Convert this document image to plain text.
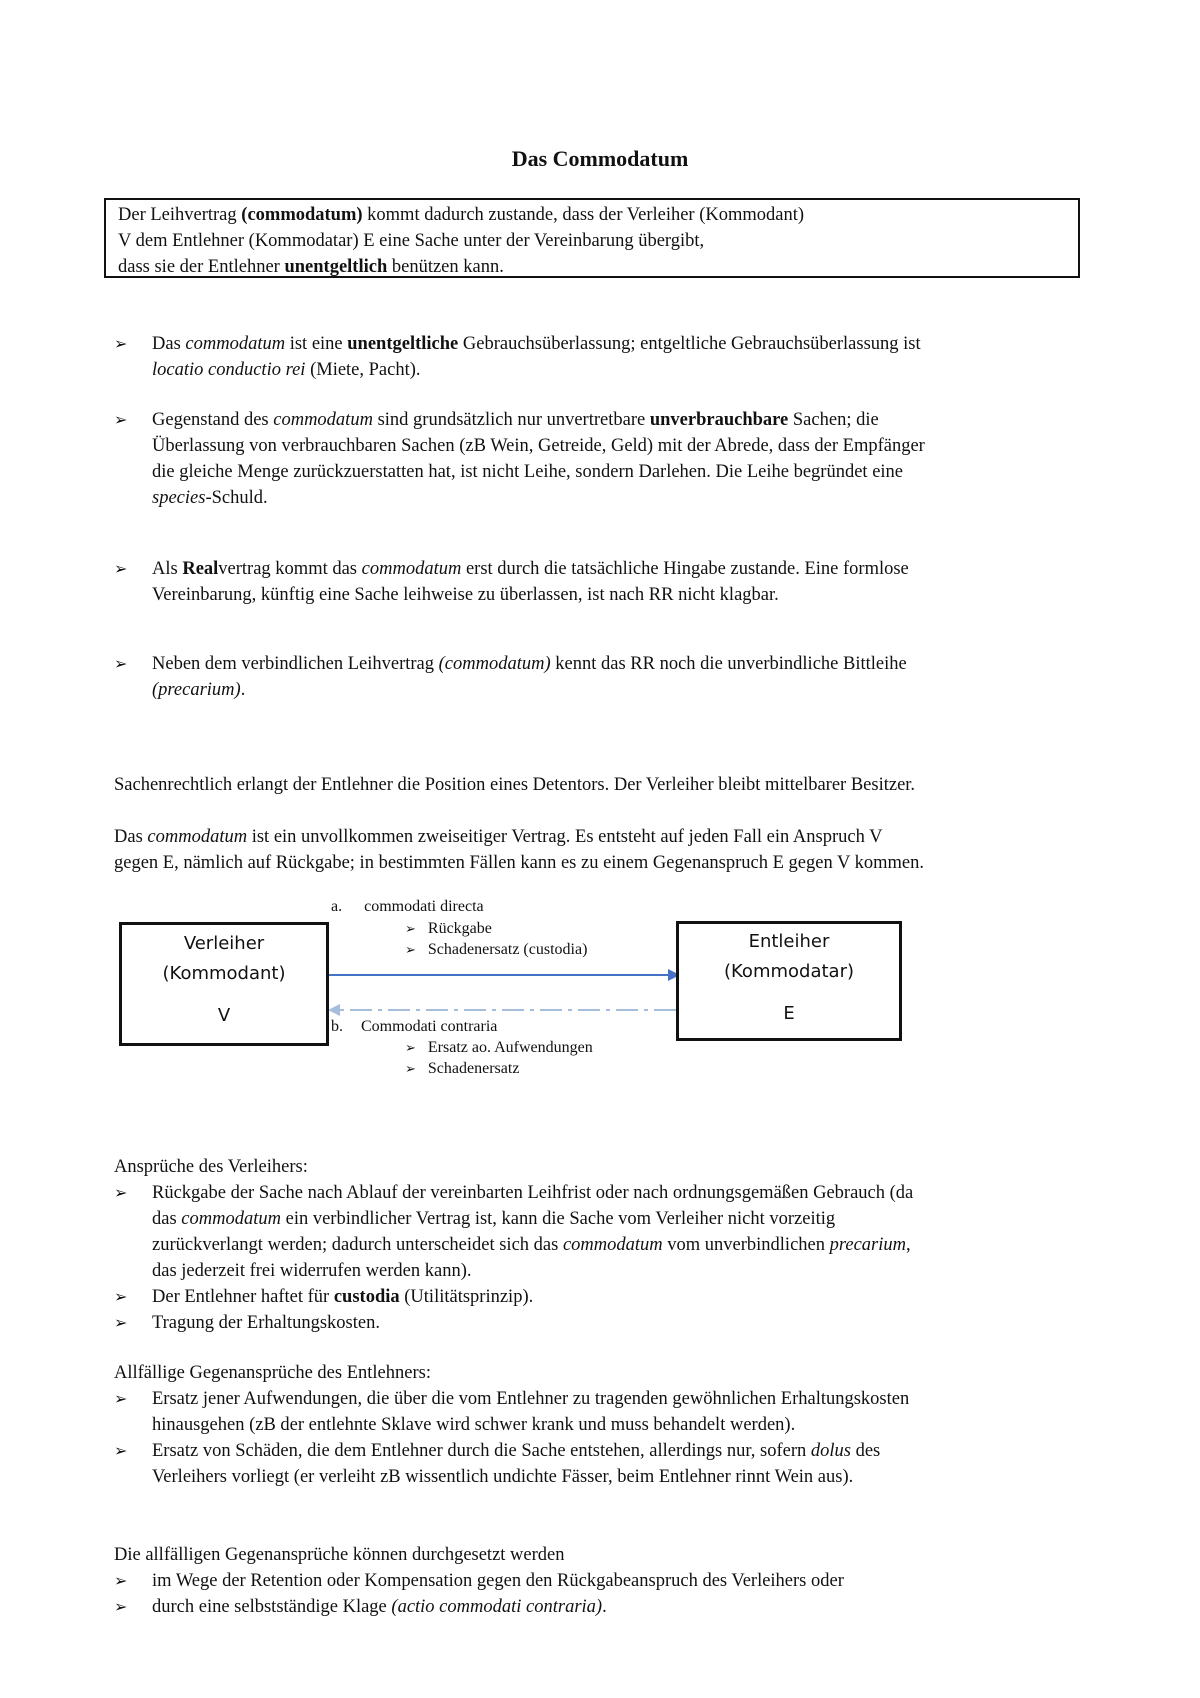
Das Commodatum
Der Leihvertrag (commodatum) kommt dadurch zustande, dass der Verleiher (Kommodant)
V dem Entlehner (Kommodatar) E eine Sache unter der Vereinbarung übergibt,
dass sie der Entlehner unentgeltlich benützen kann.
➢	Das commodatum ist eine unentgeltliche Gebrauchsüberlassung; entgeltliche Gebrauchsüberlassung ist
locatio conductio rei (Miete, Pacht).
➢	Gegenstand des commodatum sind grundsätzlich nur unvertretbare unverbrauchbare Sachen; die
Überlassung von verbrauchbaren Sachen (zB Wein, Getreide, Geld) mit der Abrede, dass der Empfänger
die gleiche Menge zurückzuerstatten hat, ist nicht Leihe, sondern Darlehen. Die Leihe begründet eine
species-Schuld.
➢	Als Realvertrag kommt das commodatum erst durch die tatsächliche Hingabe zustande. Eine formlose
Vereinbarung, künftig eine Sache leihweise zu überlassen, ist nach RR nicht klagbar.
➢	Neben dem verbindlichen Leihvertrag (commodatum) kennt das RR noch die unverbindliche Bittleihe
(precarium).
Sachenrechtlich erlangt der Entlehner die Position eines Detentors. Der Verleiher bleibt mittelbarer Besitzer.
Das commodatum ist ein unvollkommen zweiseitiger Vertrag. Es entsteht auf jeden Fall ein Anspruch V
gegen E, nämlich auf Rückgabe; in bestimmten Fällen kann es zu einem Gegenanspruch E gegen V kommen.
Verleiher
(Kommodant)
V
Entleiher
(Kommodatar)
E
a. commodati directa
➢ Rückgabe
➢ Schadenersatz (custodia)
b. Commodati contraria
➢ Ersatz ao. Aufwendungen
➢ Schadenersatz
Ansprüche des Verleihers:
➢	Rückgabe der Sache nach Ablauf der vereinbarten Leihfrist oder nach ordnungsgemäßen Gebrauch (da
das commodatum ein verbindlicher Vertrag ist, kann die Sache vom Verleiher nicht vorzeitig
zurückverlangt werden; dadurch unterscheidet sich das commodatum vom unverbindlichen precarium,
das jederzeit frei widerrufen werden kann).
➢	Der Entlehner haftet für custodia (Utilitätsprinzip).
➢	Tragung der Erhaltungskosten.
Allfällige Gegenansprüche des Entlehners:
➢	Ersatz jener Aufwendungen, die über die vom Entlehner zu tragenden gewöhnlichen Erhaltungskosten
hinausgehen (zB der entlehnte Sklave wird schwer krank und muss behandelt werden).
➢	Ersatz von Schäden, die dem Entlehner durch die Sache entstehen, allerdings nur, sofern dolus des
Verleihers vorliegt (er verleiht zB wissentlich undichte Fässer, beim Entlehner rinnt Wein aus).
Die allfälligen Gegenansprüche können durchgesetzt werden
➢	im Wege der Retention oder Kompensation gegen den Rückgabeanspruch des Verleihers oder
➢	durch eine selbstständige Klage (actio commodati contraria).
